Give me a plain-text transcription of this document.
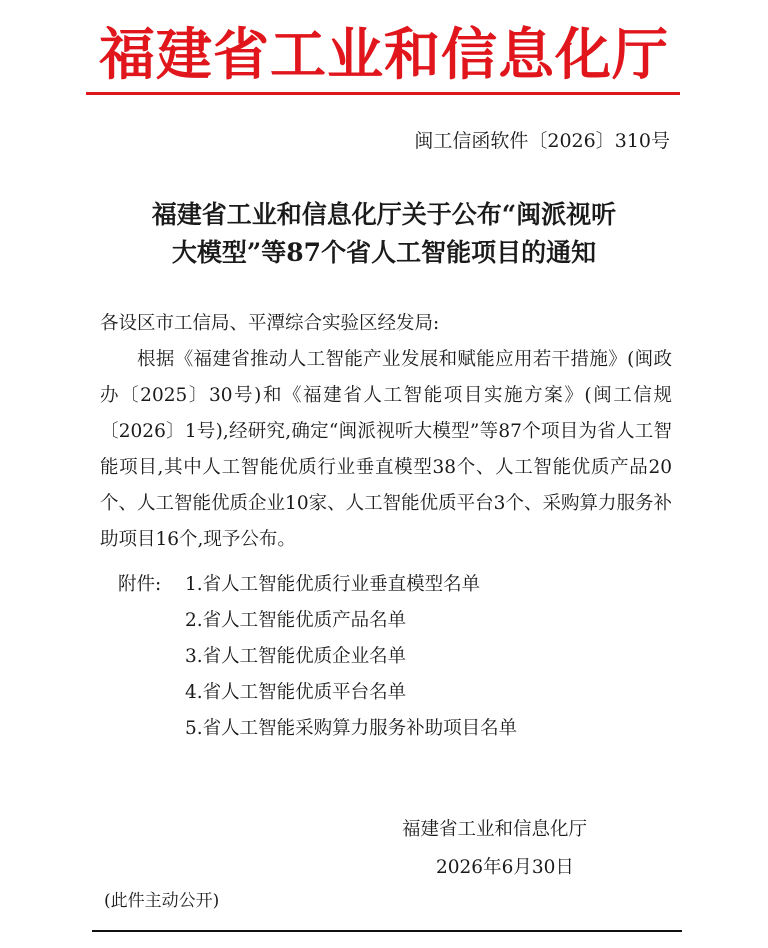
福建省工业和信息化厅
闽工信函软件〔2026〕310号
福建省工业和信息化厅关于公布“闽派视听
大模型”等87个省人工智能项目的通知

各设区市工信局、平潭综合实验区经发局:

根据《福建省推动人工智能产业发展和赋能应用若干措施》(闽政办〔2025〕30号)和《福建省人工智能项目实施方案》(闽工信规〔2026〕1号),经研究,确定“闽派视听大模型”等87个项目为省人工智能项目,其中人工智能优质行业垂直模型38个、人工智能优质产品20个、人工智能优质企业10家、人工智能优质平台3个、采购算力服务补助项目16个,现予公布。

附件: 1.省人工智能优质行业垂直模型名单
2.省人工智能优质产品名单
3.省人工智能优质企业名单
4.省人工智能优质平台名单
5.省人工智能采购算力服务补助项目名单
福建省工业和信息化厅
2026年6月30日
(此件主动公开)
